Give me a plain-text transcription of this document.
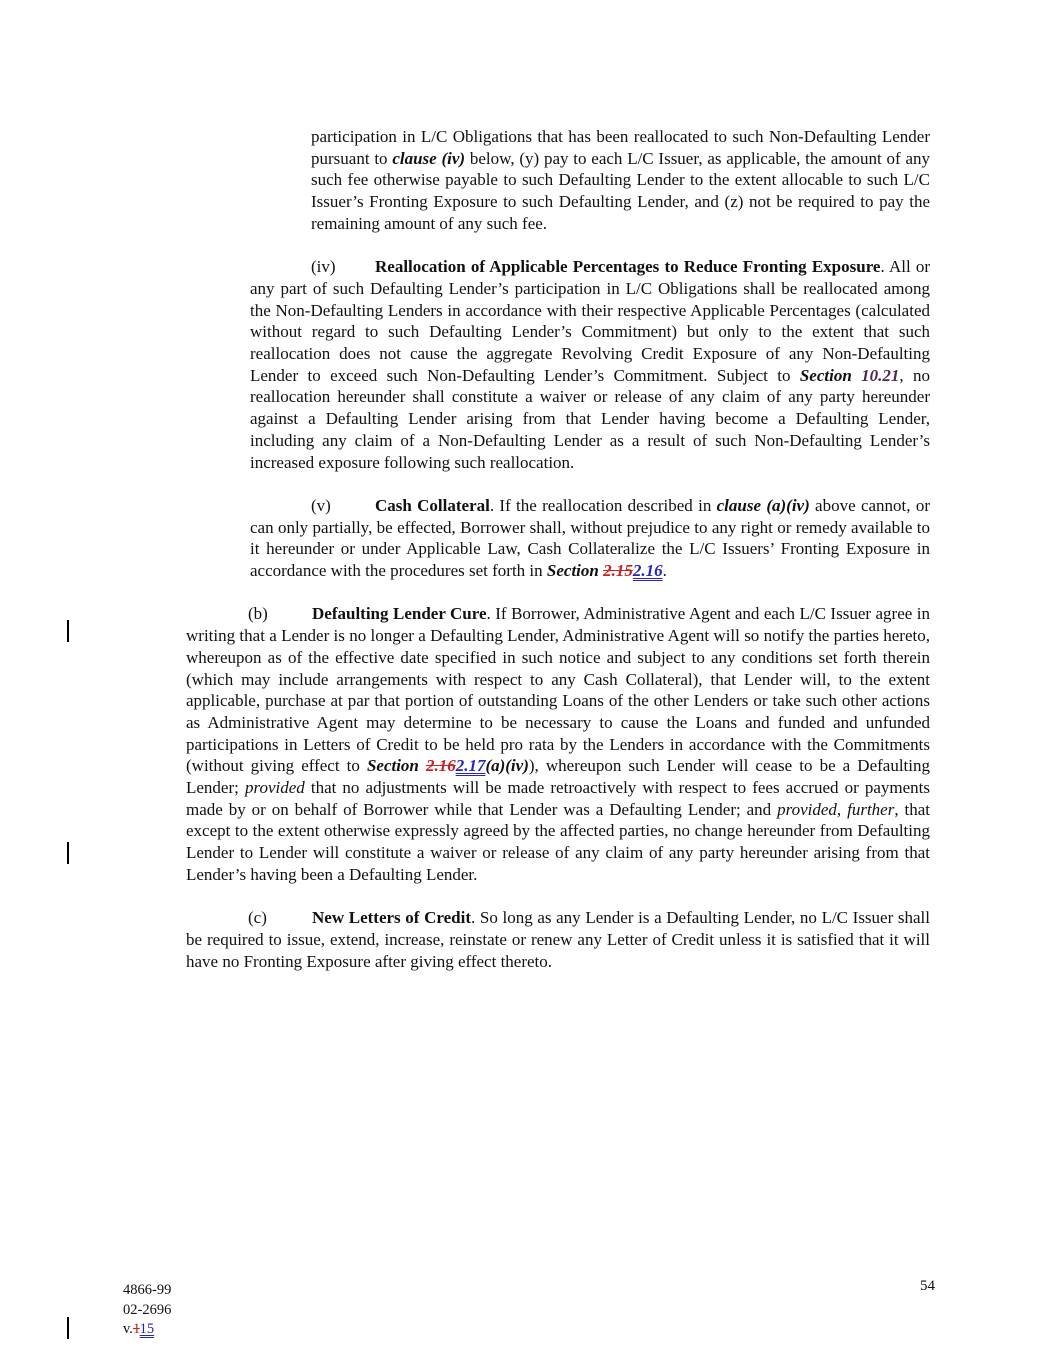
participation in L/C Obligations that has been reallocated to such Non-Defaulting Lender pursuant to clause (iv) below, (y) pay to each L/C Issuer, as applicable, the amount of any such fee otherwise payable to such Defaulting Lender to the extent allocable to such L/C Issuer’s Fronting Exposure to such Defaulting Lender, and (z) not be required to pay the remaining amount of any such fee.

(iv) Reallocation of Applicable Percentages to Reduce Fronting Exposure. All or any part of such Defaulting Lender’s participation in L/C Obligations shall be reallocated among the Non-Defaulting Lenders in accordance with their respective Applicable Percentages (calculated without regard to such Defaulting Lender’s Commitment) but only to the extent that such reallocation does not cause the aggregate Revolving Credit Exposure of any Non-Defaulting Lender to exceed such Non-Defaulting Lender’s Commitment. Subject to Section 10.21, no reallocation hereunder shall constitute a waiver or release of any claim of any party hereunder against a Defaulting Lender arising from that Lender having become a Defaulting Lender, including any claim of a Non-Defaulting Lender as a result of such Non-Defaulting Lender’s increased exposure following such reallocation.

(v)	Cash Collateral. If the reallocation described in clause (a)(iv) above cannot, or can only partially, be effected, Borrower shall, without prejudice to any right or remedy available to it hereunder or under Applicable Law, Cash Collateralize the L/C Issuers’ Fronting Exposure in accordance with the procedures set forth in Section 2.152.16.

(b)	Defaulting Lender Cure. If Borrower, Administrative Agent and each L/C Issuer agree in writing that a Lender is no longer a Defaulting Lender, Administrative Agent will so notify the parties hereto, whereupon as of the effective date specified in such notice and subject to any conditions set forth therein (which may include arrangements with respect to any Cash Collateral), that Lender will, to the extent applicable, purchase at par that portion of outstanding Loans of the other Lenders or take such other actions as Administrative Agent may determine to be necessary to cause the Loans and funded and unfunded participations in Letters of Credit to be held pro rata by the Lenders in accordance with the Commitments (without giving effect to Section 2.162.17(a)(iv)), whereupon such Lender will cease to be a Defaulting Lender; provided that no adjustments will be made retroactively with respect to fees accrued or payments made by or on behalf of Borrower while that Lender was a Defaulting Lender; and provided, further, that except to the extent otherwise expressly agreed by the affected parties, no change hereunder from Defaulting Lender to Lender will constitute a waiver or release of any claim of any party hereunder arising from that Lender’s having been a Defaulting Lender.

(c)	New Letters of Credit. So long as any Lender is a Defaulting Lender, no L/C Issuer shall be required to issue, extend, increase, reinstate or renew any Letter of Credit unless it is satisfied that it will have no Fronting Exposure after giving effect thereto.

4866-99
02-2696
v.115
54
